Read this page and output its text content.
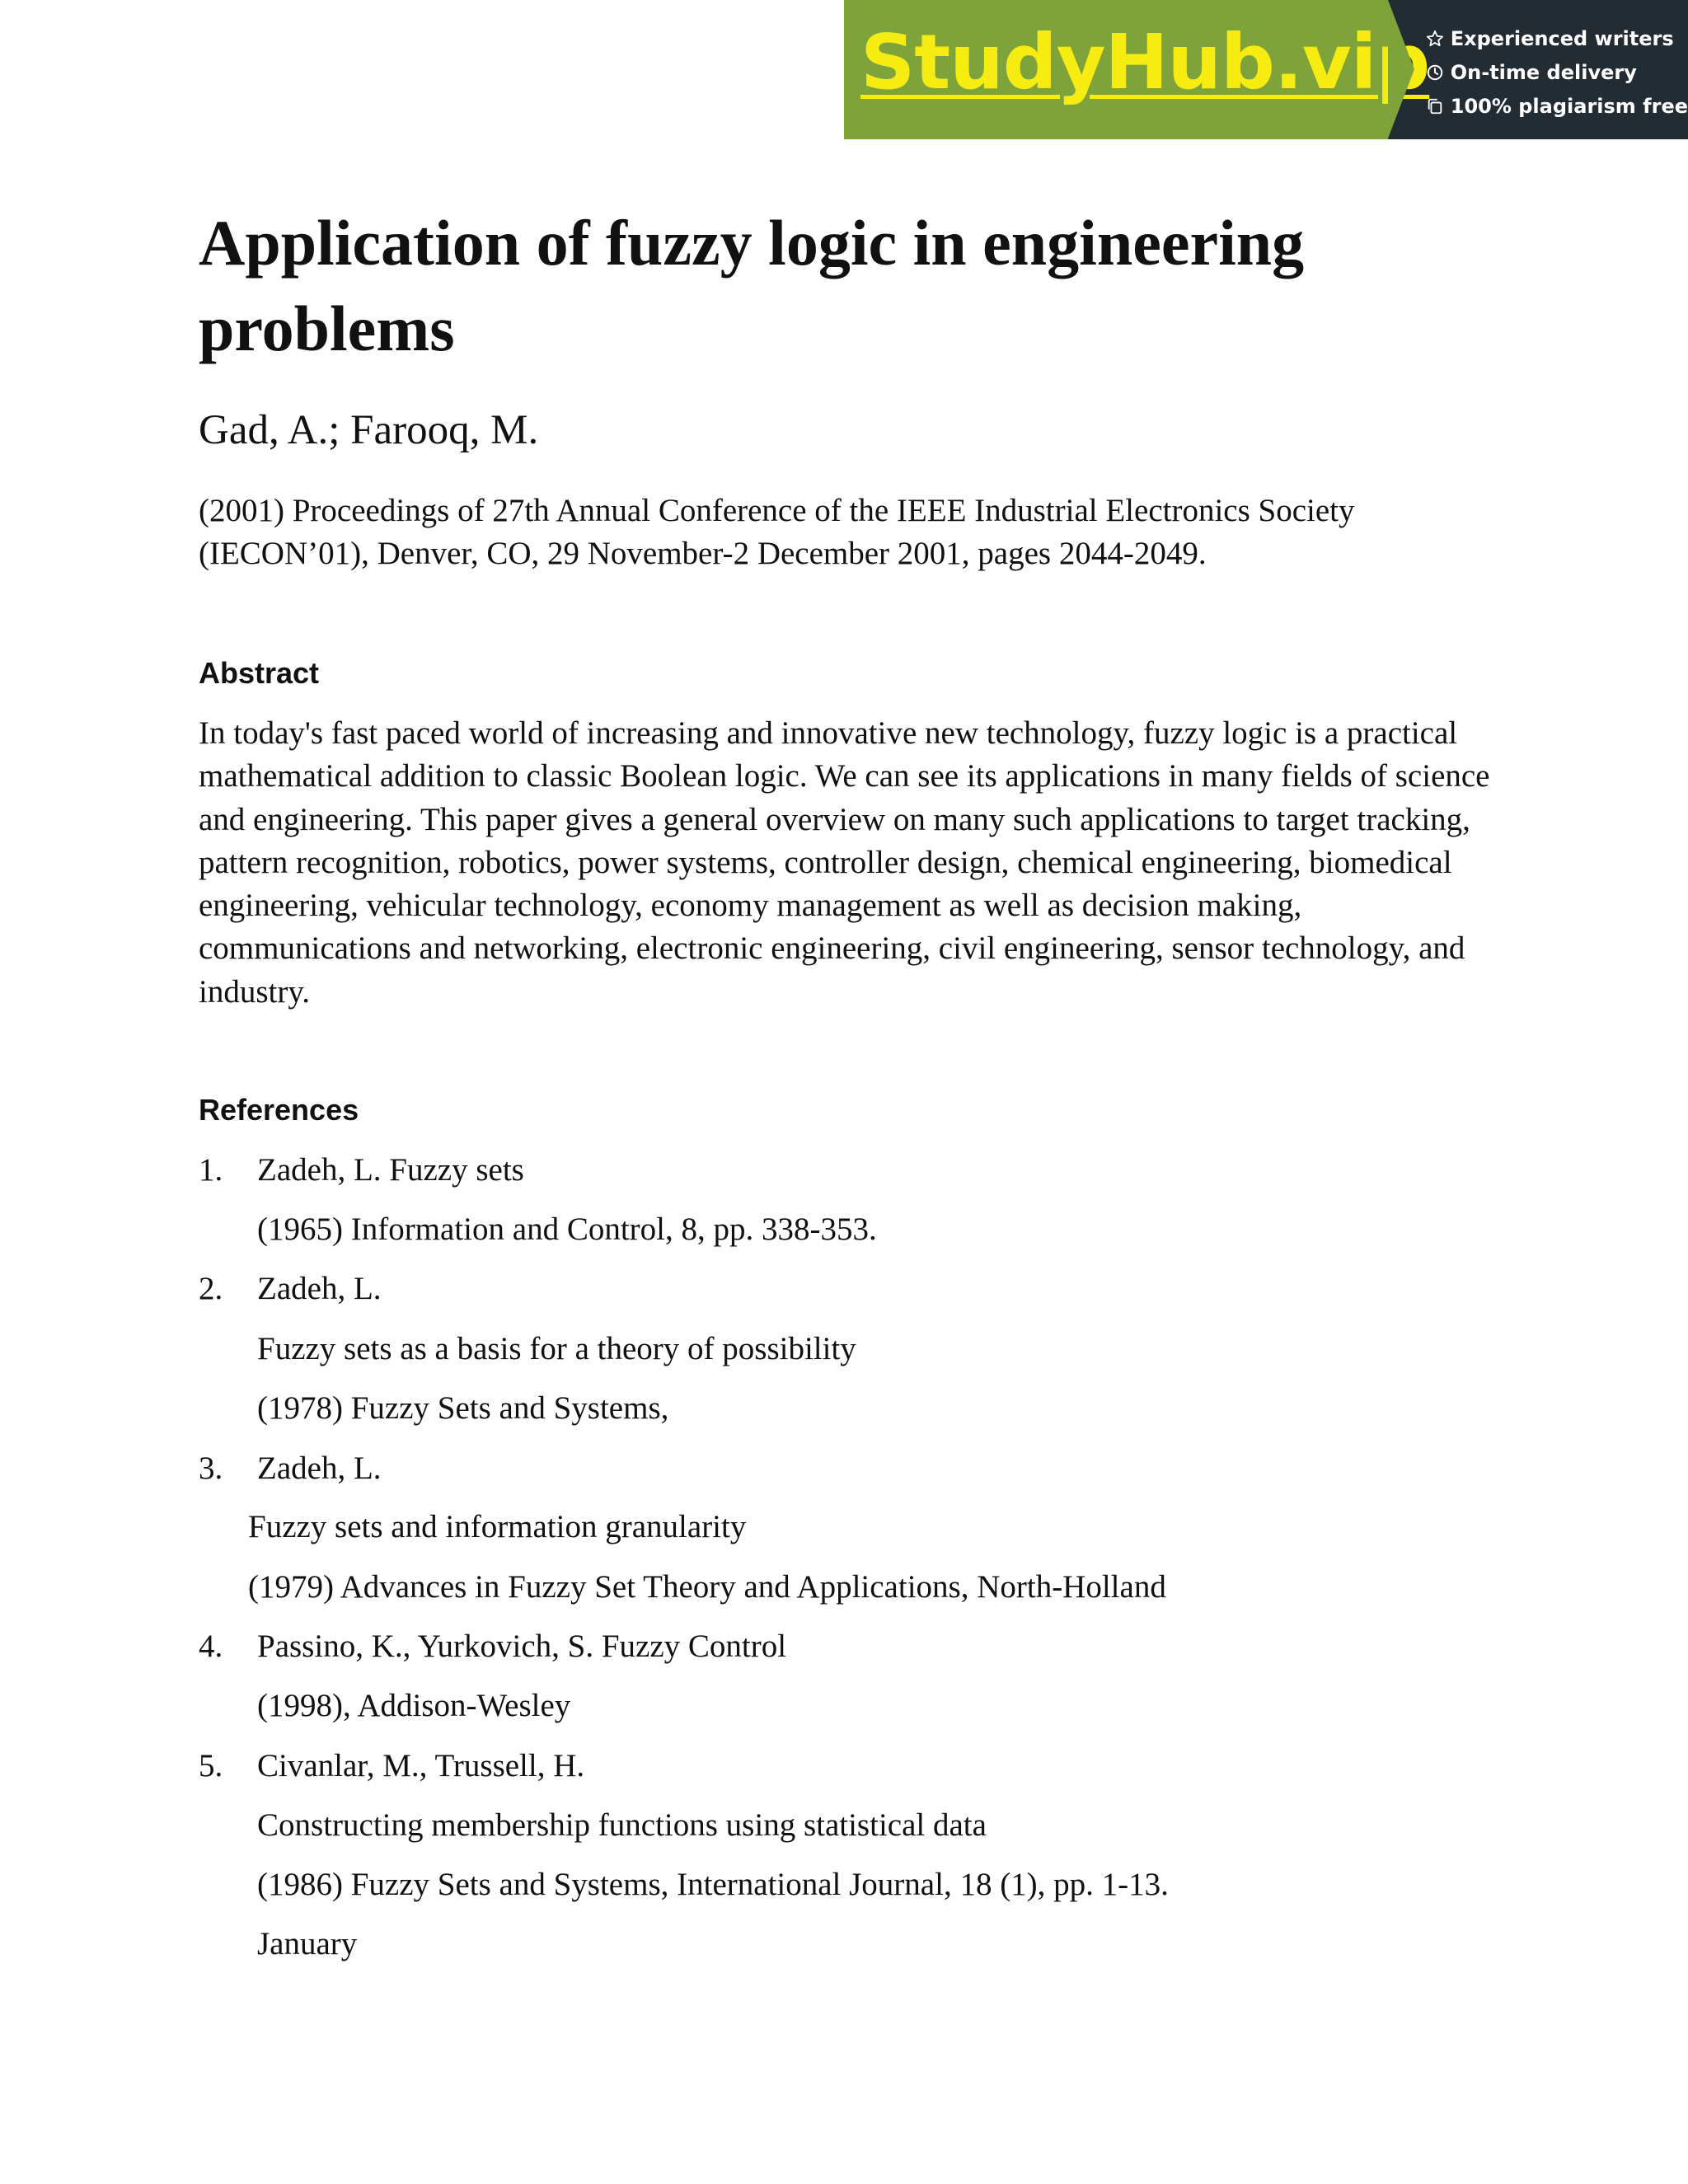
StudyHub.vip Experienced writers
On-time delivery
100% plagiarism free
Application of fuzzy logic in engineering problems

Gad, A.; Farooq, M.

(2001) Proceedings of 27th Annual Conference of the IEEE Industrial Electronics Society (IECON’01), Denver, CO, 29 November-2 December 2001, pages 2044-2049.

Abstract

In today's fast paced world of increasing and innovative new technology, fuzzy logic is a practical mathematical addition to classic Boolean logic. We can see its applications in many fields of science and engineering. This paper gives a general overview on many such applications to target tracking, pattern recognition, robotics, power systems, controller design, chemical engineering, biomedical engineering, vehicular technology, economy management as well as decision making, communications and networking, electronic engineering, civil engineering, sensor technology, and industry.

References
1. Zadeh, L. Fuzzy sets
(1965) Information and Control, 8, pp. 338-353.
2. Zadeh, L.
Fuzzy sets as a basis for a theory of possibility
(1978) Fuzzy Sets and Systems,
3. Zadeh, L.
Fuzzy sets and information granularity
(1979) Advances in Fuzzy Set Theory and Applications, North-Holland
4. Passino, K., Yurkovich, S. Fuzzy Control
(1998), Addison-Wesley
5. Civanlar, M., Trussell, H.
Constructing membership functions using statistical data
(1986) Fuzzy Sets and Systems, International Journal, 18 (1), pp. 1-13.
January
